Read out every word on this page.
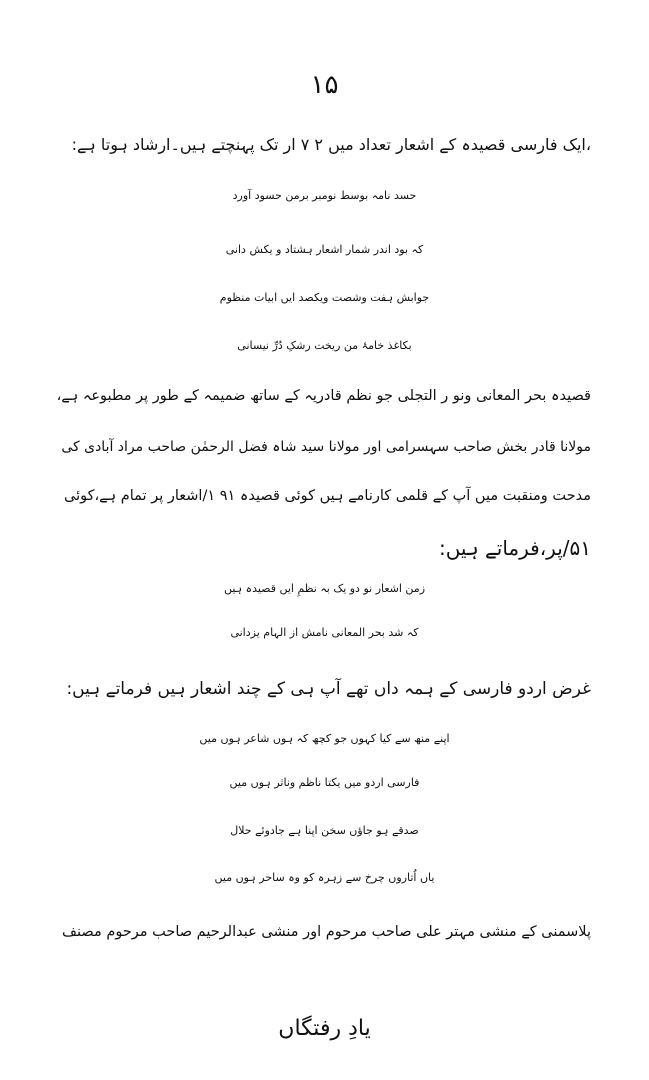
۱۵
،ایک فارسی قصیدہ کے اشعار تعداد میں ۲ ۷ ار تک پہنچتے ہیں۔ارشاد ہوتا ہے:
حسد نامہ بوسط نومبر برمن حسود آورد
کہ بود اندر شمار اشعار ہشتاد و یکش دانی
جوابش ہفت وشصت ویکصد ایں ابیات منظوم
بکاغذ خامۂ من ریخت رشکِ دُرِّ نیسانی
قصیدہ بحر المعانی ونو ر التجلی جو نظم قادریہ کے ساتھ ضمیمہ کے طور پر مطبوعہ ہے،
مولانا قادر بخش صاحب سہسرامی اور مولانا سید شاہ فضل الرحمٰن صاحب مراد آبادی کی
مدحت ومنقبت میں آپ کے قلمی کارنامے ہیں کوئی قصیدہ ۹۱ ۱/اشعار پر تمام ہے،کوئی
۵۱/پر،فرماتے ہیں:
زمن اشعار نو دو یک بہ نظمِ ایں قصیدہ ہیں
کہ شد بحر المعانی نامش از الہام یزدانی
غرض اردو فارسی کے ہمہ داں تھے آپ ہی کے چند اشعار ہیں فرماتے ہیں:
اپنے منھ سے کیا کہوں جو کچھ کہ ہوں شاعر ہوں میں
فارسی اردو میں یکتا ناظم وناثر ہوں میں
صدقے ہو جاؤں سخن اپنا ہے جادوئے حلال
یاں اُتاروں چرخ سے زہرہ کو وہ ساحر ہوں میں
پلاسمنی کے منشی مہتر علی صاحب مرحوم اور منشی عبدالرحیم صاحب مرحوم مصنف
یادِ رفتگاں
